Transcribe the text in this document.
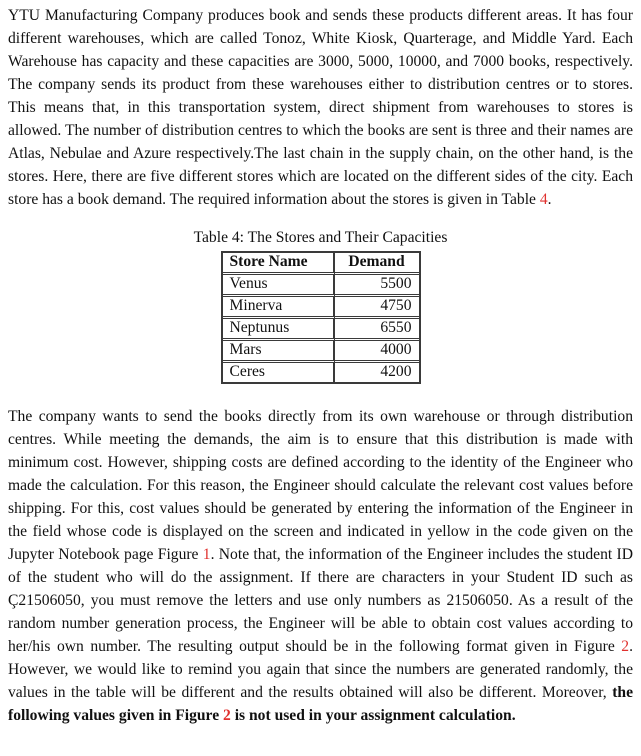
YTU Manufacturing Company produces book and sends these products different areas. It has four different warehouses, which are called Tonoz, White Kiosk, Quarterage, and Middle Yard. Each Warehouse has capacity and these capacities are 3000, 5000, 10000, and 7000 books, respectively. The company sends its product from these warehouses either to distribution centres or to stores. This means that, in this transportation system, direct shipment from warehouses to stores is allowed. The number of distribution centres to which the books are sent is three and their names are Atlas, Nebulae and Azure respectively.The last chain in the supply chain, on the other hand, is the stores. Here, there are five different stores which are located on the different sides of the city. Each store has a book demand. The required information about the stores is given in Table 4.

Table 4: The Stores and Their Capacities
Store Name	Demand
Venus	5500
Minerva	4750
Neptunus	6550
Mars	4000
Ceres	4200

The company wants to send the books directly from its own warehouse or through distribution centres. While meeting the demands, the aim is to ensure that this distribution is made with minimum cost. However, shipping costs are defined according to the identity of the Engineer who made the calculation. For this reason, the Engineer should calculate the relevant cost values before shipping. For this, cost values should be generated by entering the information of the Engineer in the field whose code is displayed on the screen and indicated in yellow in the code given on the Jupyter Notebook page Figure 1. Note that, the information of the Engineer includes the student ID of the student who will do the assignment. If there are characters in your Student ID such as Ç21506050, you must remove the letters and use only numbers as 21506050. As a result of the random number generation process, the Engineer will be able to obtain cost values according to her/his own number. The resulting output should be in the following format given in Figure 2. However, we would like to remind you again that since the numbers are generated randomly, the values in the table will be different and the results obtained will also be different. Moreover, the following values given in Figure 2 is not used in your assignment calculation.
